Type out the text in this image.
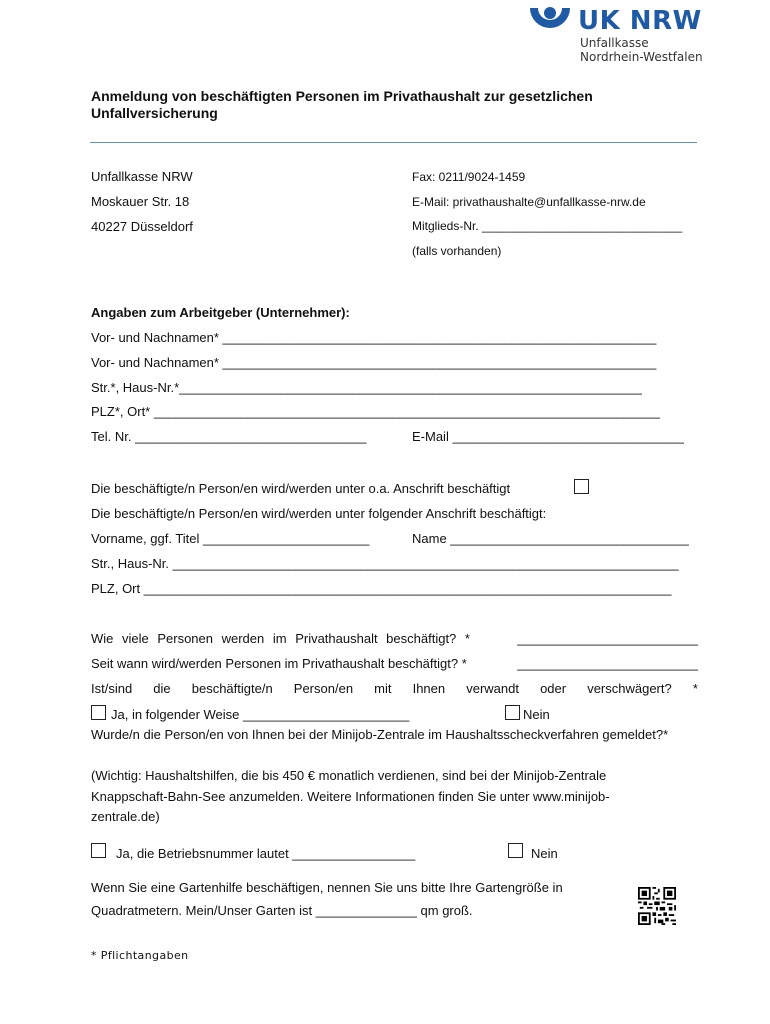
UK NRW
Unfallkasse
Nordrhein-Westfalen
Anmeldung von beschäftigten Personen im Privathaushalt zur gesetzlichen Unfallversicherung
Unfallkasse NRW
Moskauer Str. 18
40227 Düsseldorf
Fax: 0211/9024-1459
E-Mail: privathaushalte@unfallkasse-nrw.de
Mitglieds-Nr. ______________________________
(falls vorhanden)
Angaben zum Arbeitgeber (Unternehmer):
Vor- und Nachnamen* ____________________________________________________________
Vor- und Nachnamen* ____________________________________________________________
Str.*, Haus-Nr.*________________________________________________________________
PLZ*, Ort* ______________________________________________________________________
Tel. Nr. ________________________________	E-Mail ________________________________
Die beschäftigte/n Person/en wird/werden unter o.a. Anschrift beschäftigt
Die beschäftigte/n Person/en wird/werden unter folgender Anschrift beschäftigt:
Vorname, ggf. Titel _______________________	Name _________________________________
Str., Haus-Nr. ______________________________________________________________________
PLZ, Ort _________________________________________________________________________
Wie viele Personen werden im Privathaushalt beschäftigt? *	_________________________
Seit wann wird/werden Personen im Privathaushalt beschäftigt? *	_________________________
Ist/sind die beschäftigte/n Person/en mit Ihnen verwandt oder verschwägert? *
Ja, in folgender Weise _______________________	Nein
Wurde/n die Person/en von Ihnen bei der Minijob-Zentrale im Haushaltsscheckverfahren gemeldet?*
(Wichtig: Haushaltshilfen, die bis 450 € monatlich verdienen, sind bei der Minijob-Zentrale Knappschaft-Bahn-See anzumelden. Weitere Informationen finden Sie unter www.minijob-zentrale.de)
Ja, die Betriebsnummer lautet _________________	Nein
Wenn Sie eine Gartenhilfe beschäftigen, nennen Sie uns bitte Ihre Gartengröße in Quadratmetern. Mein/Unser Garten ist ______________ qm groß.
* Pflichtangaben
